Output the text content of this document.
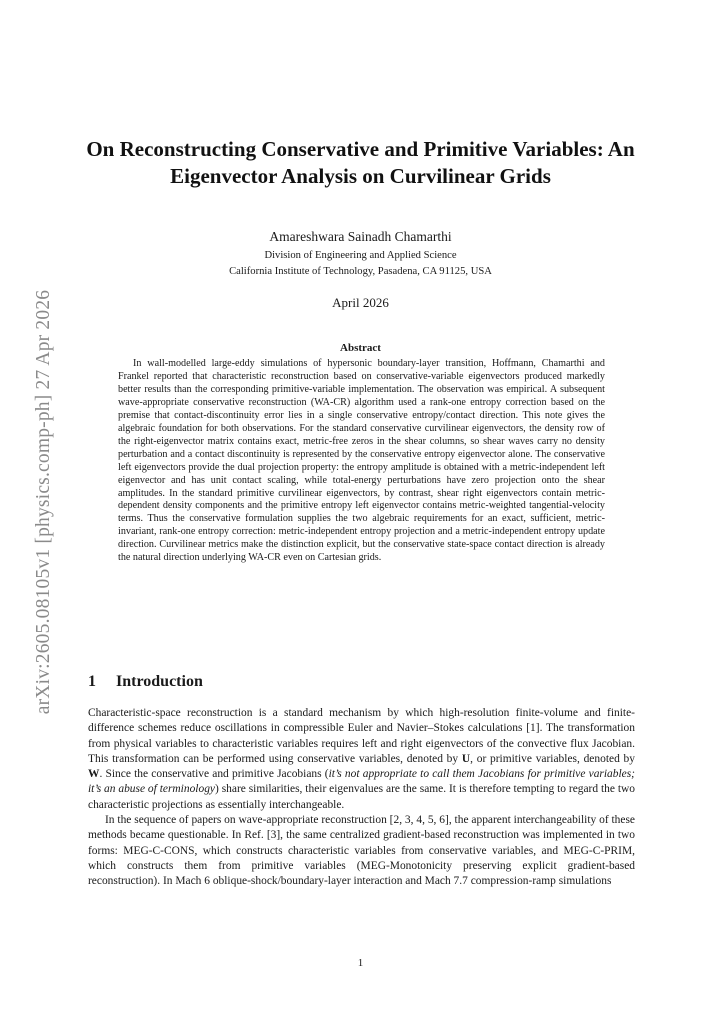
arXiv:2605.08105v1 [physics.comp-ph] 27 Apr 2026
On Reconstructing Conservative and Primitive Variables: An Eigenvector Analysis on Curvilinear Grids
Amareshwara Sainadh Chamarthi
Division of Engineering and Applied Science
California Institute of Technology, Pasadena, CA 91125, USA
April 2026
Abstract
In wall-modelled large-eddy simulations of hypersonic boundary-layer transition, Hoffmann, Chamarthi and Frankel reported that characteristic reconstruction based on conservative-variable eigenvectors produced markedly better results than the corresponding primitive-variable implementation. The observation was empirical. A subsequent wave-appropriate conservative reconstruction (WA-CR) algorithm used a rank-one entropy correction based on the premise that contact-discontinuity error lies in a single conservative entropy/contact direction. This note gives the algebraic foundation for both observations. For the standard conservative curvilinear eigenvectors, the density row of the right-eigenvector matrix contains exact, metric-free zeros in the shear columns, so shear waves carry no density perturbation and a contact discontinuity is represented by the conservative entropy eigenvector alone. The conservative left eigenvectors provide the dual projection property: the entropy amplitude is obtained with a metric-independent left eigenvector and has unit contact scaling, while total-energy perturbations have zero projection onto the shear amplitudes. In the standard primitive curvilinear eigenvectors, by contrast, shear right eigenvectors contain metric-dependent density components and the primitive entropy left eigenvector contains metric-weighted tangential-velocity terms. Thus the conservative formulation supplies the two algebraic requirements for an exact, sufficient, metric-invariant, rank-one entropy correction: metric-independent entropy projection and a metric-independent entropy update direction. Curvilinear metrics make the distinction explicit, but the conservative state-space contact direction is already the natural direction underlying WA-CR even on Cartesian grids.
1 Introduction

Characteristic-space reconstruction is a standard mechanism by which high-resolution finite-volume and finite-difference schemes reduce oscillations in compressible Euler and Navier–Stokes calculations [1]. The transformation from physical variables to characteristic variables requires left and right eigenvectors of the convective flux Jacobian. This transformation can be performed using conservative variables, denoted by U, or primitive variables, denoted by W. Since the conservative and primitive Jacobians (it’s not appropriate to call them Jacobians for primitive variables; it’s an abuse of terminology) share similarities, their eigenvalues are the same. It is therefore tempting to regard the two characteristic projections as essentially interchangeable.

In the sequence of papers on wave-appropriate reconstruction [2, 3, 4, 5, 6], the apparent interchangeability of these methods became questionable. In Ref. [3], the same centralized gradient-based reconstruction was implemented in two forms: MEG-C-CONS, which constructs characteristic variables from conservative variables, and MEG-C-PRIM, which constructs them from primitive variables (MEG-Monotonicity preserving explicit gradient-based reconstruction). In Mach 6 oblique-shock/boundary-layer interaction and Mach 7.7 compression-ramp simulations

1
